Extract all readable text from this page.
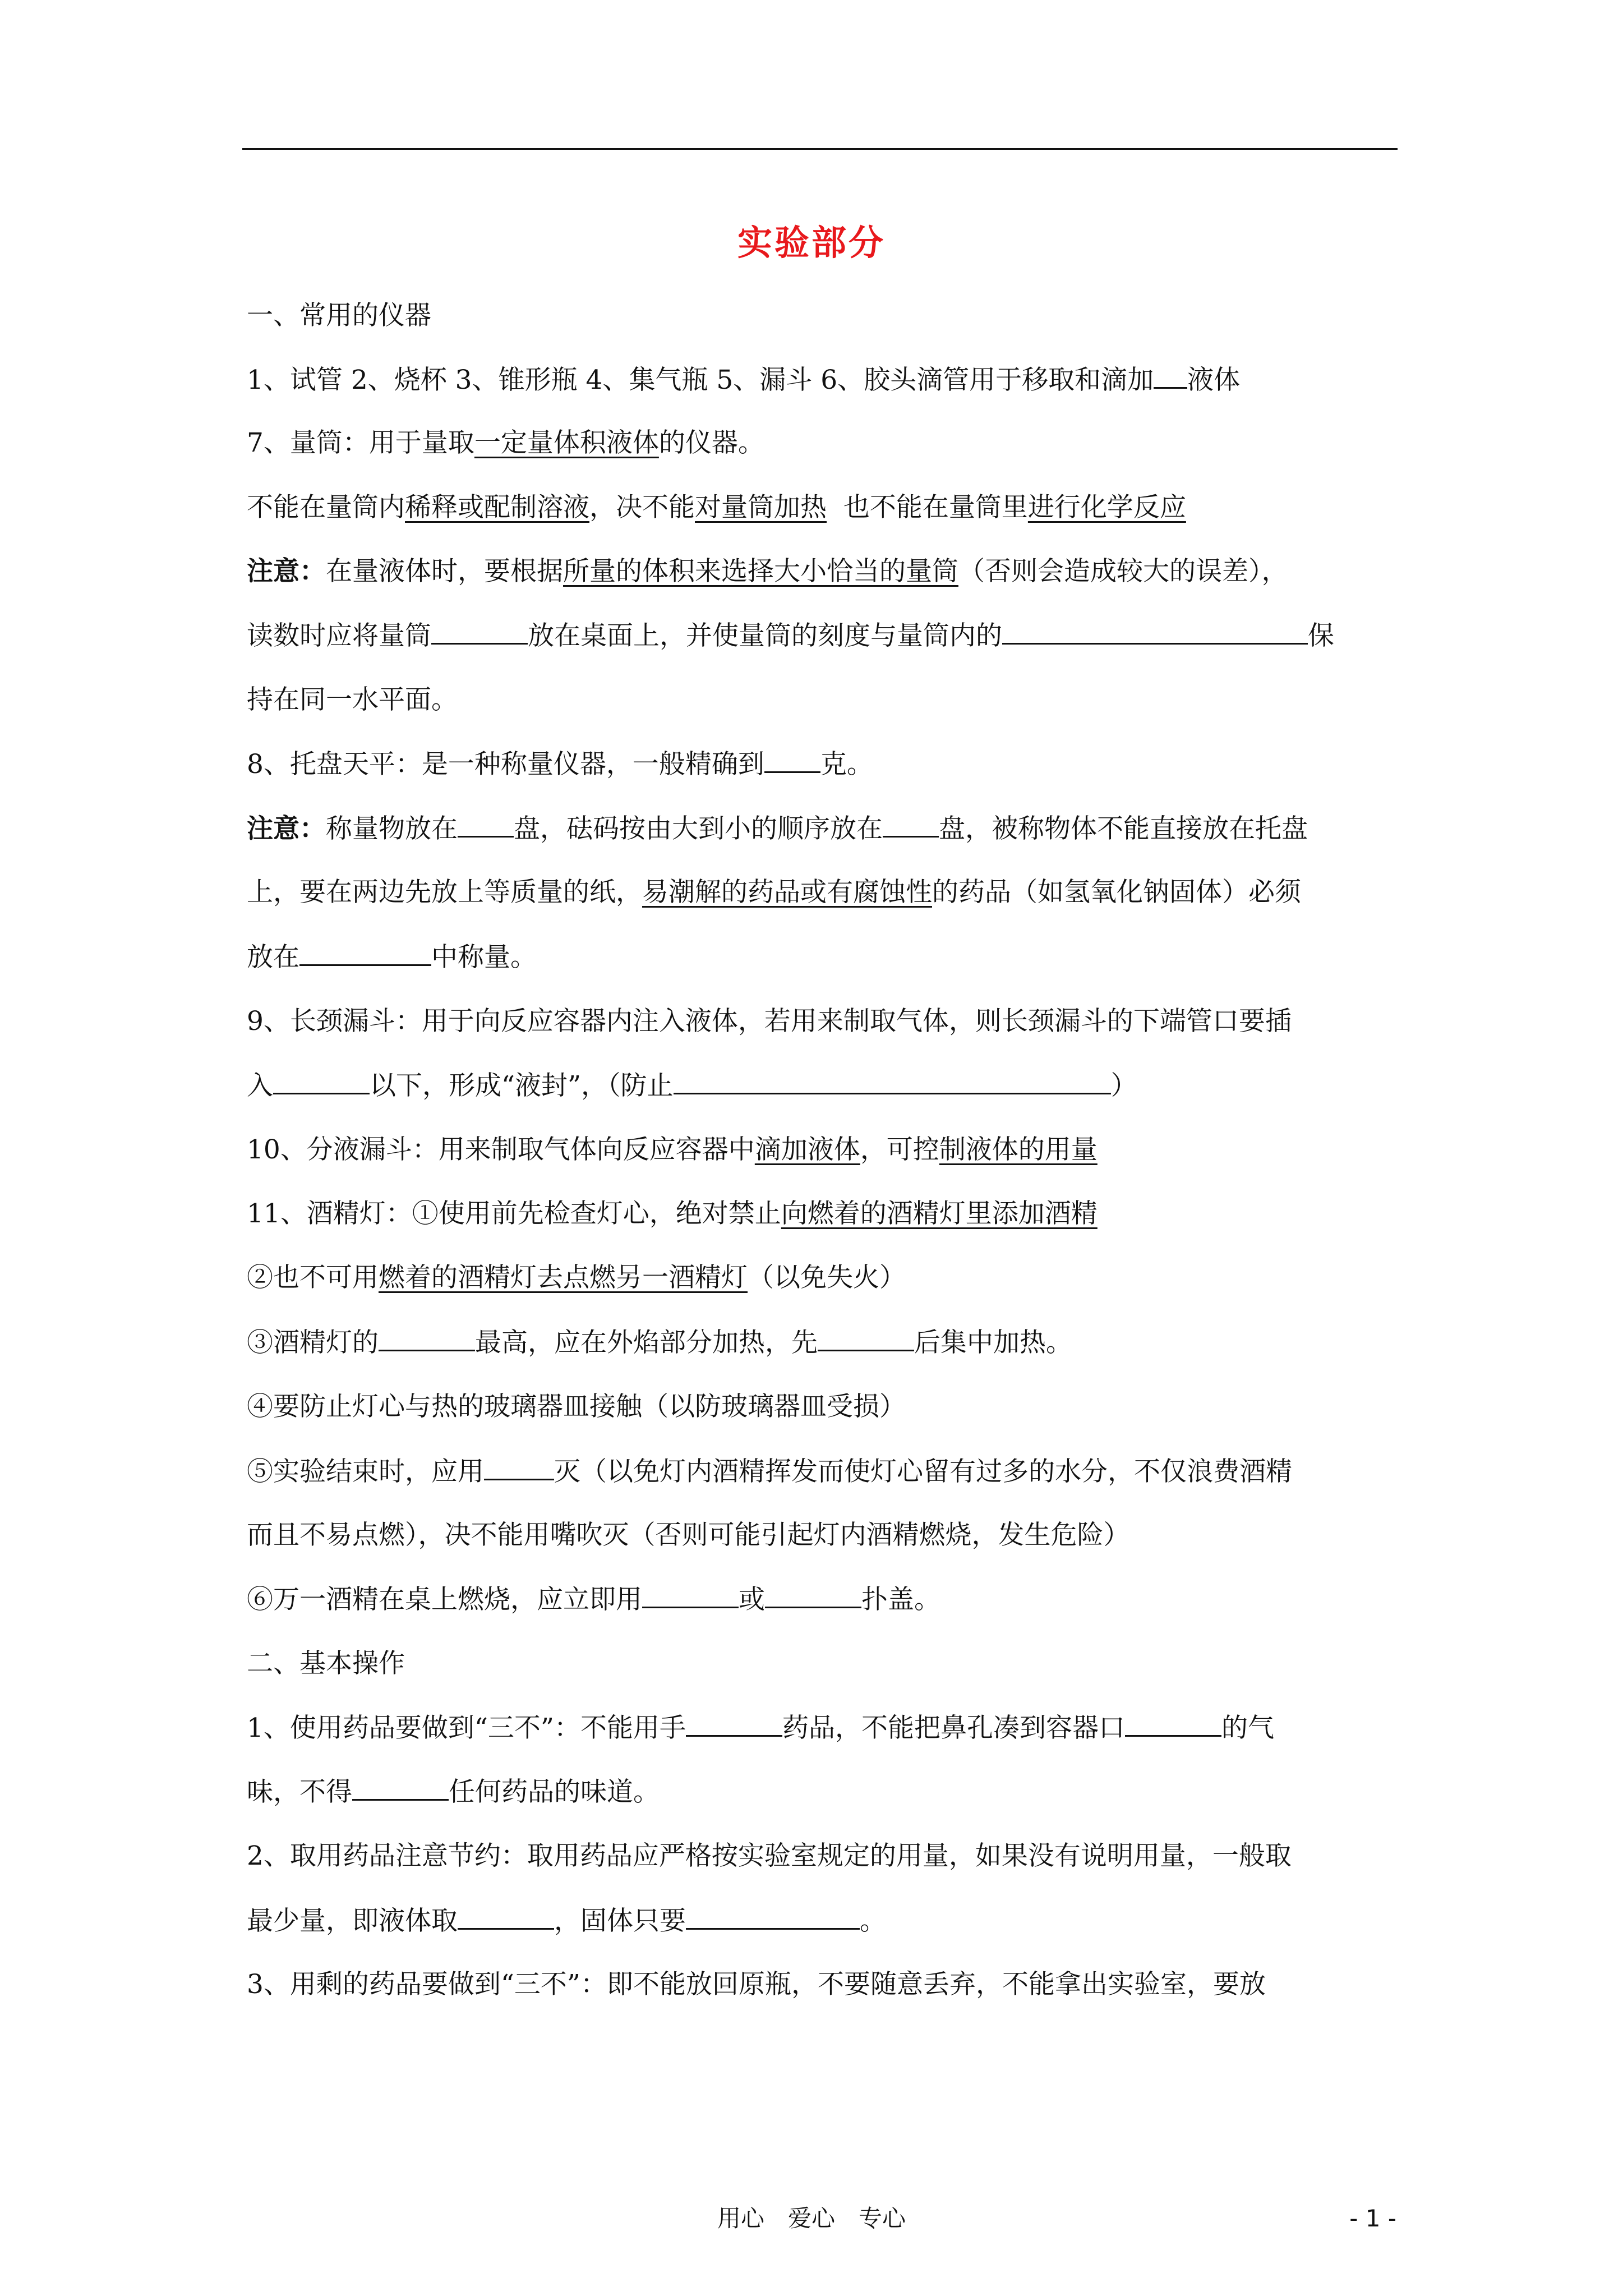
实验部分
一、常用的仪器
1、试管 2、烧杯 3、锥形瓶 4、集气瓶 5、漏斗 6、胶头滴管用于移取和滴加 液体
7、量筒：用于量取一定量体积液体的仪器。
不能在量筒内稀释或配制溶液，决不能对量筒加热  也不能在量筒里进行化学反应
注意：在量液体时，要根据所量的体积来选择大小恰当的量筒（否则会造成较大的误差），
读数时应将量筒	放在桌面上，并使量筒的刻度与量筒内的	保
持在同一水平面。
8、托盘天平：是一种称量仪器，一般精确到 克。
注意：称量物放在 盘，砝码按由大到小的顺序放在 盘，被称物体不能直接放在托盘
上，要在两边先放上等质量的纸，易潮解的药品或有腐蚀性的药品（如氢氧化钠固体）必须
放在	中称量。
9、长颈漏斗：用于向反应容器内注入液体，若用来制取气体，则长颈漏斗的下端管口要插
入	以下，形成“液封”，（防止	）
10、分液漏斗：用来制取气体向反应容器中滴加液体，可控制液体的用量
11、酒精灯：①使用前先检查灯心，绝对禁止向燃着的酒精灯里添加酒精
②也不可用燃着的酒精灯去点燃另一酒精灯（以免失火）
③酒精灯的	最高，应在外焰部分加热，先	后集中加热。
④要防止灯心与热的玻璃器皿接触（以防玻璃器皿受损）
⑤实验结束时，应用	灭（以免灯内酒精挥发而使灯心留有过多的水分，不仅浪费酒精
而且不易点燃），决不能用嘴吹灭（否则可能引起灯内酒精燃烧，发生危险）
⑥万一酒精在桌上燃烧，应立即用	或	扑盖。
二、基本操作
1、使用药品要做到“三不”：不能用手	药品，不能把鼻孔凑到容器口	的气
味，不得	任何药品的味道。
2、取用药品注意节约：取用药品应严格按实验室规定的用量，如果没有说明用量，一般取
最少量，即液体取	，固体只要	。
3、用剩的药品要做到“三不”：即不能放回原瓶，不要随意丢弃，不能拿出实验室，要放
用心　爱心　专心	- 1 -
